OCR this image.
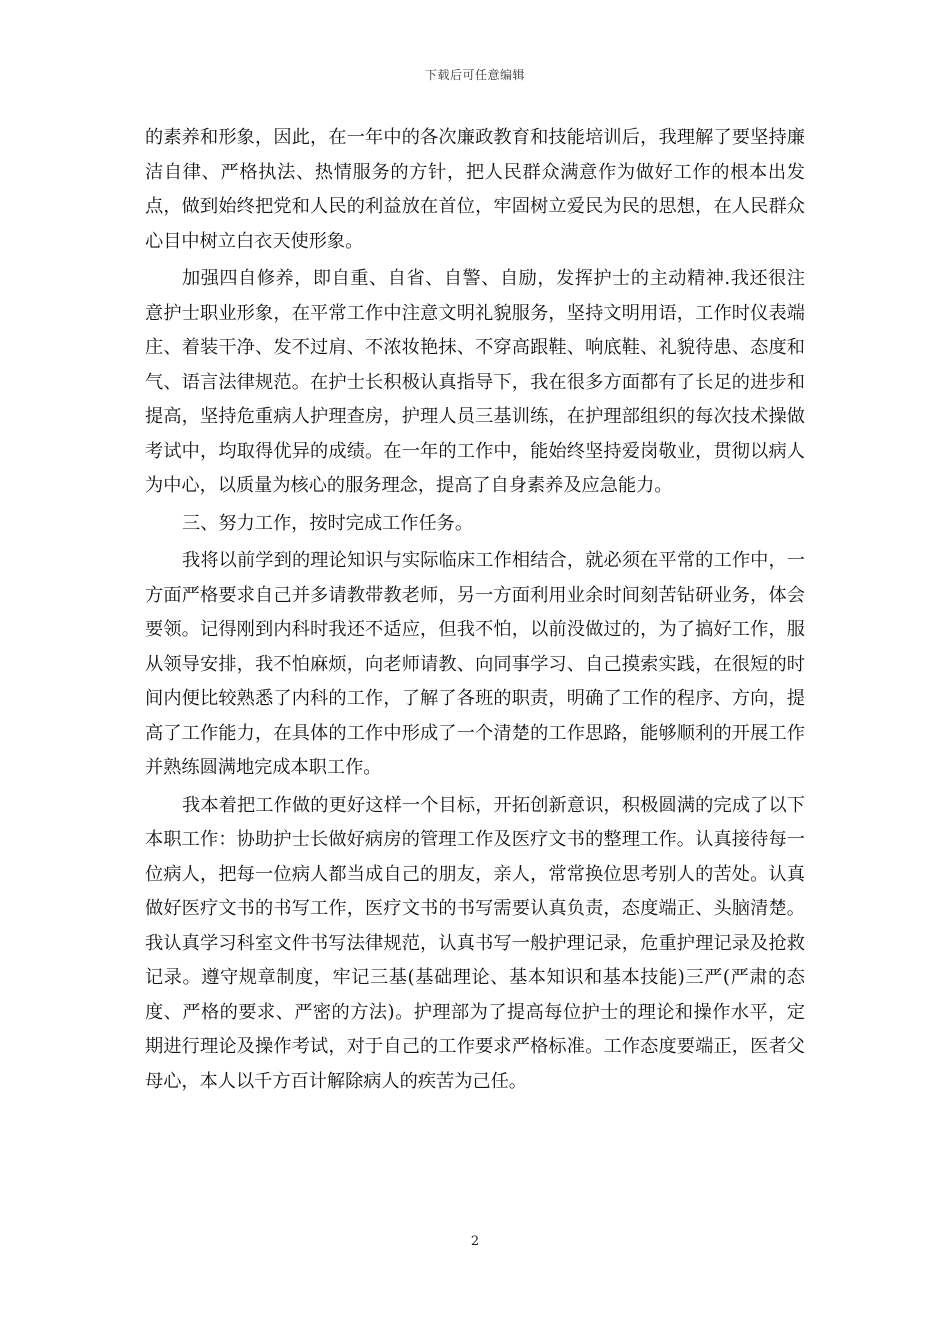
下载后可任意编辑

的素养和形象，因此，在一年中的各次廉政教育和技能培训后，我理解了要坚持廉洁自律、严格执法、热情服务的方针，把人民群众满意作为做好工作的根本出发点，做到始终把党和人民的利益放在首位，牢固树立爱民为民的思想，在人民群众心目中树立白衣天使形象。

加强四自修养，即自重、自省、自警、自励，发挥护士的主动精神.我还很注意护士职业形象，在平常工作中注意文明礼貌服务，坚持文明用语，工作时仪表端庄、着装干净、发不过肩、不浓妆艳抹、不穿高跟鞋、响底鞋、礼貌待患、态度和气、语言法律规范。在护士长积极认真指导下，我在很多方面都有了长足的进步和提高，坚持危重病人护理查房，护理人员三基训练，在护理部组织的每次技术操做考试中，均取得优异的成绩。在一年的工作中，能始终坚持爱岗敬业，贯彻以病人为中心，以质量为核心的服务理念，提高了自身素养及应急能力。

三、努力工作，按时完成工作任务。

我将以前学到的理论知识与实际临床工作相结合，就必须在平常的工作中，一方面严格要求自己并多请教带教老师，另一方面利用业余时间刻苦钻研业务，体会要领。记得刚到内科时我还不适应，但我不怕，以前没做过的，为了搞好工作，服从领导安排，我不怕麻烦，向老师请教、向同事学习、自己摸索实践，在很短的时间内便比较熟悉了内科的工作，了解了各班的职责，明确了工作的程序、方向，提高了工作能力，在具体的工作中形成了一个清楚的工作思路，能够顺利的开展工作并熟练圆满地完成本职工作。

我本着把工作做的更好这样一个目标，开拓创新意识，积极圆满的完成了以下本职工作：协助护士长做好病房的管理工作及医疗文书的整理工作。认真接待每一位病人，把每一位病人都当成自己的朋友，亲人，常常换位思考别人的苦处。认真做好医疗文书的书写工作，医疗文书的书写需要认真负责，态度端正、头脑清楚。我认真学习科室文件书写法律规范，认真书写一般护理记录，危重护理记录及抢救记录。遵守规章制度，牢记三基(基础理论、基本知识和基本技能)三严(严肃的态度、严格的要求、严密的方法)。护理部为了提高每位护士的理论和操作水平，定期进行理论及操作考试，对于自己的工作要求严格标准。工作态度要端正，医者父母心，本人以千方百计解除病人的疾苦为己任。

2
